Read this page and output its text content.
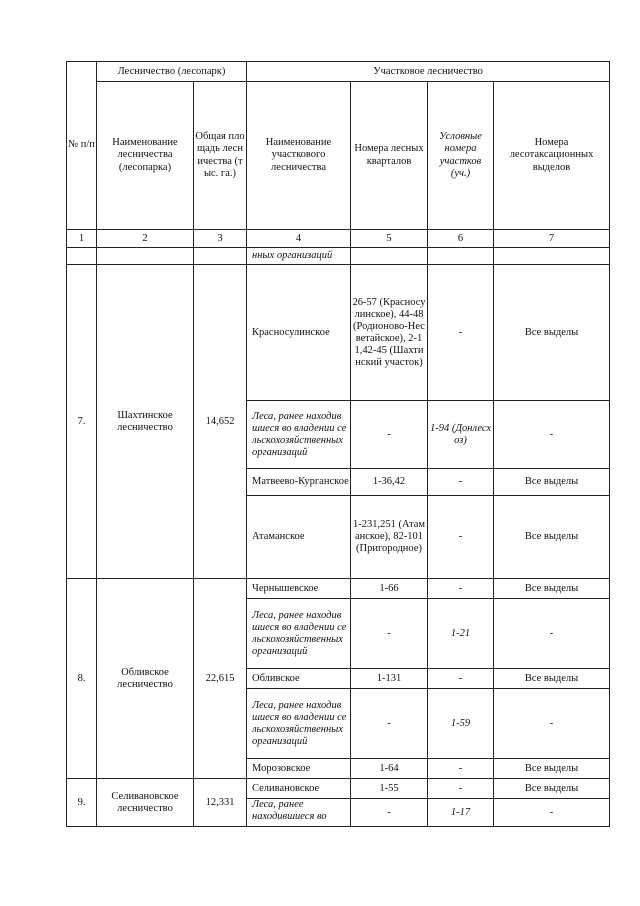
№ п/п	Лесничество (лесопарк)		Участковое лесничество			
	Наименование лесничества (лесопарка)	Общая площадь лесничества (тыс. га.)	Наименование участкового лесничества	Номера лесных кварталов	Условные номера участков (уч.)	Номера лесотаксационных выделов
1	2	3	4	5	6	7
			нных организаций			
7.	Шахтинское лесничество	14,652	Красносулинское	26-57 (Красносулинское), 44-48 (Родионово-Несветайское), 2-11,42-45 (Шахтинский участок)	-	Все выделы
			Леса, ранее находившиеся во владении сельскохозяйственных организаций	-	1-94 (Донлесхоз)	-
			Матвеево-Курганское	1-36,42	-	Все выделы
			Атаманское	1-231,251 (Атаманское), 82-101 (Пригородное)	-	Все выделы
8.	Обливское лесничество	22,615	Чернышевское	1-66	-	Все выделы
			Леса, ранее находившиеся во владении сельскохозяйственных организаций	-	1-21	-
			Обливское	1-131	-	Все выделы
			Леса, ранее находившиеся во владении сельскохозяйственных организаций	-	1-59	-
			Морозовское	1-64	-	Все выделы
9.	Селивановское лесничество	12,331	Селивановское	1-55	-	Все выделы
			Леса, ранее находившиеся во	-	1-17	-
